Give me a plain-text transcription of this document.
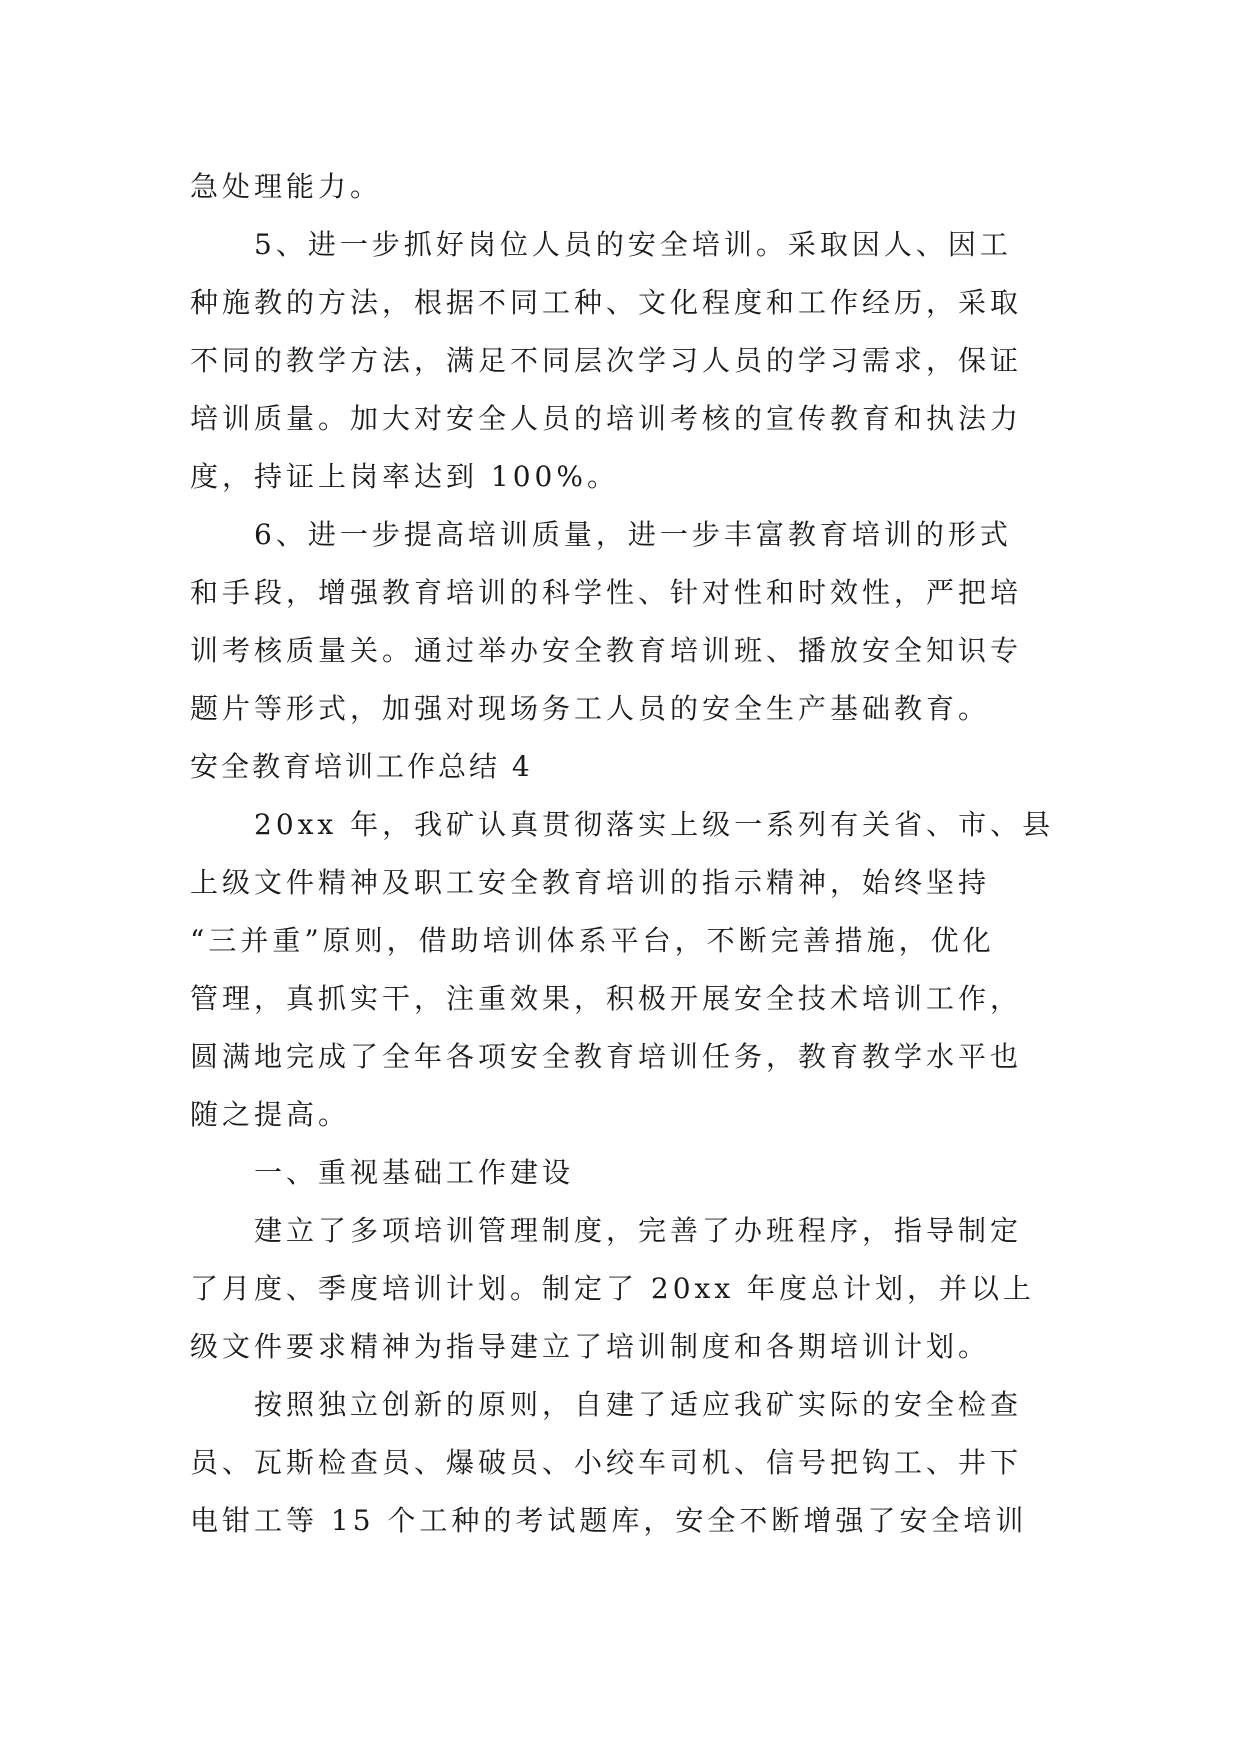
急处理能力。
5、进一步抓好岗位人员的安全培训。采取因人、因工
种施教的方法，根据不同工种、文化程度和工作经历，采取
不同的教学方法，满足不同层次学习人员的学习需求，保证
培训质量。加大对安全人员的培训考核的宣传教育和执法力
度，持证上岗率达到 100%。
6、进一步提高培训质量，进一步丰富教育培训的形式
和手段，增强教育培训的科学性、针对性和时效性，严把培
训考核质量关。通过举办安全教育培训班、播放安全知识专
题片等形式，加强对现场务工人员的安全生产基础教育。
安全教育培训工作总结 4
20xx 年，我矿认真贯彻落实上级一系列有关省、市、县
上级文件精神及职工安全教育培训的指示精神，始终坚持
“三并重”原则，借助培训体系平台，不断完善措施，优化
管理，真抓实干，注重效果，积极开展安全技术培训工作，
圆满地完成了全年各项安全教育培训任务，教育教学水平也
随之提高。
一、重视基础工作建设
建立了多项培训管理制度，完善了办班程序，指导制定
了月度、季度培训计划。制定了 20xx 年度总计划，并以上
级文件要求精神为指导建立了培训制度和各期培训计划。
按照独立创新的原则，自建了适应我矿实际的安全检查
员、瓦斯检查员、爆破员、小绞车司机、信号把钩工、井下
电钳工等 15 个工种的考试题库，安全不断增强了安全培训
